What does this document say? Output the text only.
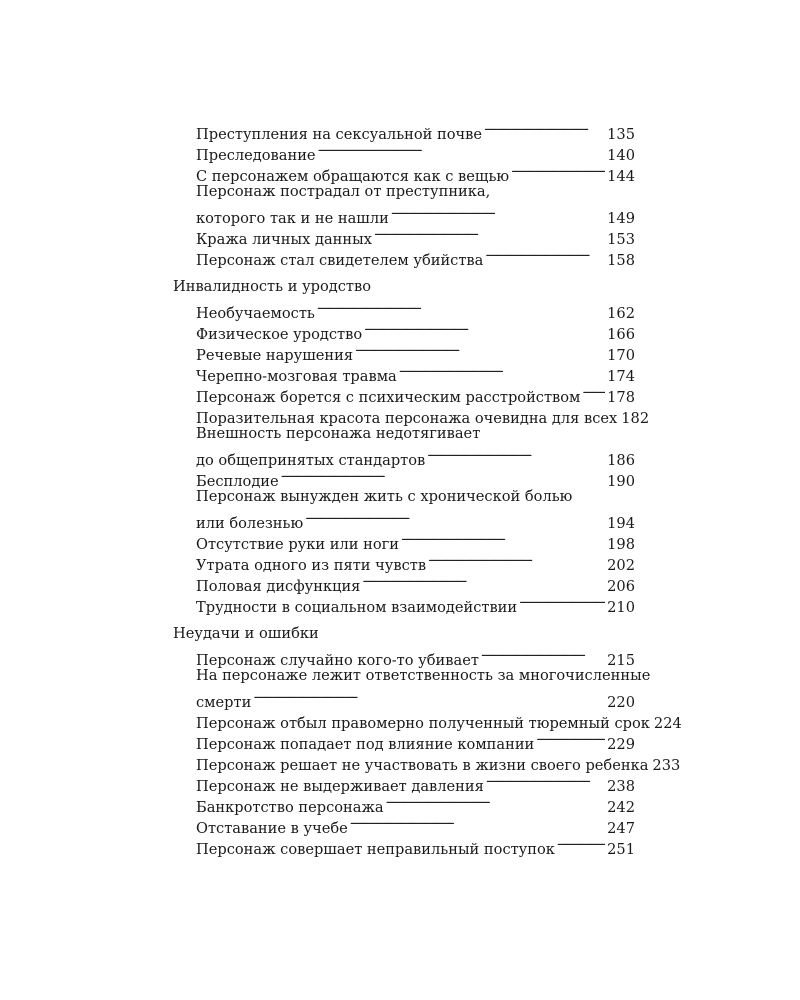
Преступления на сексуальной почве . . .	135
Преследование . . .	140
С персонажем обращаются как с вещью . . .	144
Персонаж пострадал от преступника,
которого так и не нашли . . .	149
Кража личных данных . . .	153
Персонаж стал свидетелем убийства . . .	158
Инвалидность и уродство
Необучаемость . . .	162
Физическое уродство . . .	166
Речевые нарушения . . .	170
Черепно-мозговая травма . . .	174
Персонаж борется с психическим расстройством . . . 178
Поразительная красота персонажа очевидна для всех 182
Внешность персонажа недотягивает
до общепринятых стандартов . . .	186
Бесплодие . . .	190
Персонаж вынужден жить с хронической болью
или болезнью . . .	194
Отсутствие руки или ноги . . .	198
Утрата одного из пяти чувств . . .	202
Половая дисфункция . . .	206
Трудности в социальном взаимодействии . . .	210
Неудачи и ошибки
Персонаж случайно кого-то убивает . . .	215
На персонаже лежит ответственность за многочисленные
смерти . . .	220
Персонаж отбыл правомерно полученный тюремный срок 224
Персонаж попадает под влияние компании . . .	229
Персонаж решает не участвовать в жизни своего ребенка 233
Персонаж не выдерживает давления . . .	238
Банкротство персонажа . . .	242
Отставание в учебе . . .	247
Персонаж совершает неправильный поступок . . .	251
